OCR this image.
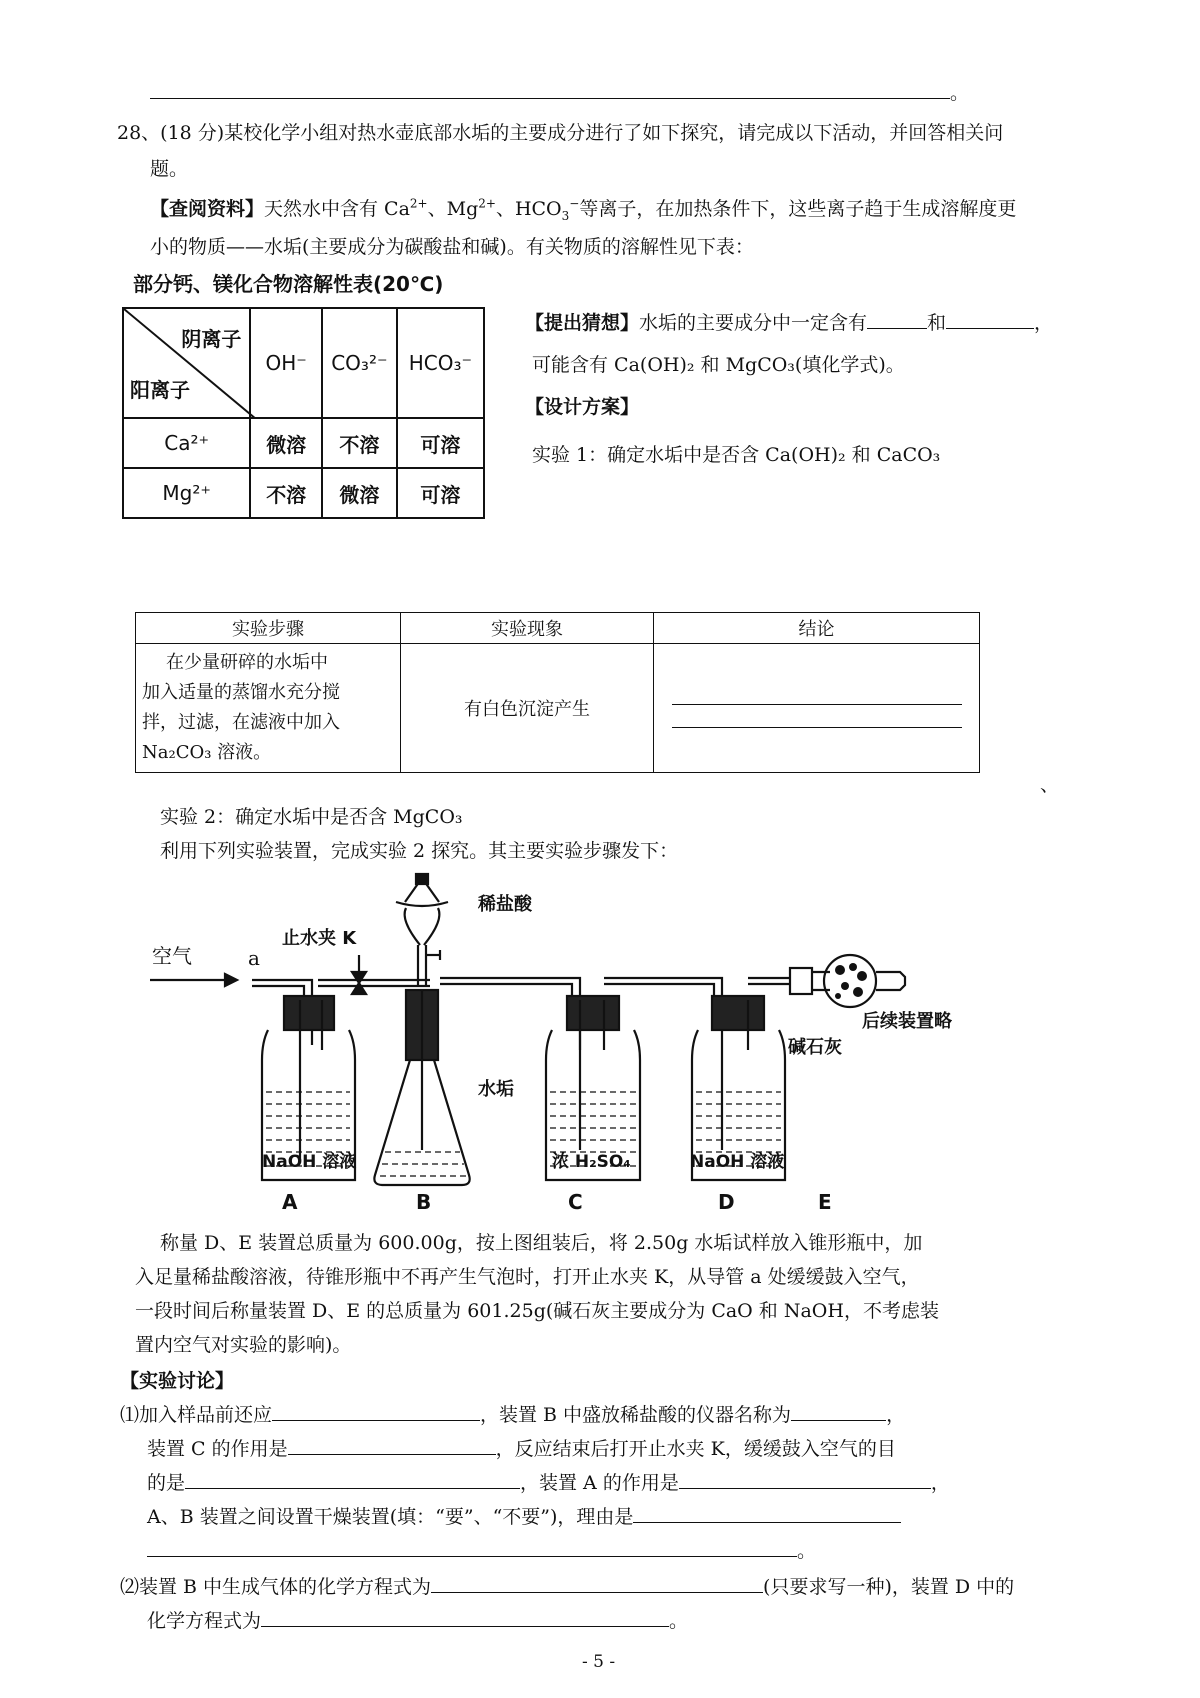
。
28、(18 分)某校化学小组对热水壶底部水垢的主要成分进行了如下探究，请完成以下活动，并回答相关问
题。
【查阅资料】天然水中含有 $Ca^{2+}$、$Mg^{2+}$、$HCO_3^-$等离子，在加热条件下，这些离子趋于生成溶解度更
小的物质——水垢(主要成分为碳酸盐和碱)。有关物质的溶解性见下表：
部分钙、镁化合物溶解性表(20℃)
阴离子
阳离子	OH⁻	CO₃²⁻	HCO₃⁻
Ca²⁺	微溶	不溶	可溶
Mg²⁺	不溶	微溶	可溶
【提出猜想】水垢的主要成分中一定含有	和	，
可能含有 Ca(OH)₂ 和 MgCO₃(填化学式)。
【设计方案】
实验 1：确定水垢中是否含 Ca(OH)₂ 和 CaCO₃
实验步骤	实验现象	结论

在少量研碎的水垢中
加入适量的蒸馏水充分搅
拌，过滤，在滤液中加入
Na₂CO₃ 溶液。	有白色沉淀产生	
、
实验 2：确定水垢中是否含 MgCO₃
利用下列实验装置，完成实验 2 探究。其主要实验步骤发下：
空气	a
止水夹 K
稀盐酸
水垢
碱石灰
后续装置略
NaOH 溶液	浓 H₂SO₄	NaOH 溶液
A	B	C	D	E
称量 D、E 装置总质量为 600.00g，按上图组装后，将 2.50g 水垢试样放入锥形瓶中，加
入足量稀盐酸溶液，待锥形瓶中不再产生气泡时，打开止水夹 K，从导管 a 处缓缓鼓入空气，
一段时间后称量装置 D、E 的总质量为 601.25g(碱石灰主要成分为 CaO 和 NaOH，不考虑装
置内空气对实验的影响)。
【实验讨论】
⑴加入样品前还应	，装置 B 中盛放稀盐酸的仪器名称为	，
装置 C 的作用是	，反应结束后打开止水夹 K，缓缓鼓入空气的目
的是	，装置 A 的作用是	，
A、B 装置之间设置干燥装置(填：“要”、“不要”)，理由是
。
⑵装置 B 中生成气体的化学方程式为	(只要求写一种)，装置 D 中的
化学方程式为	。
- 5 -
